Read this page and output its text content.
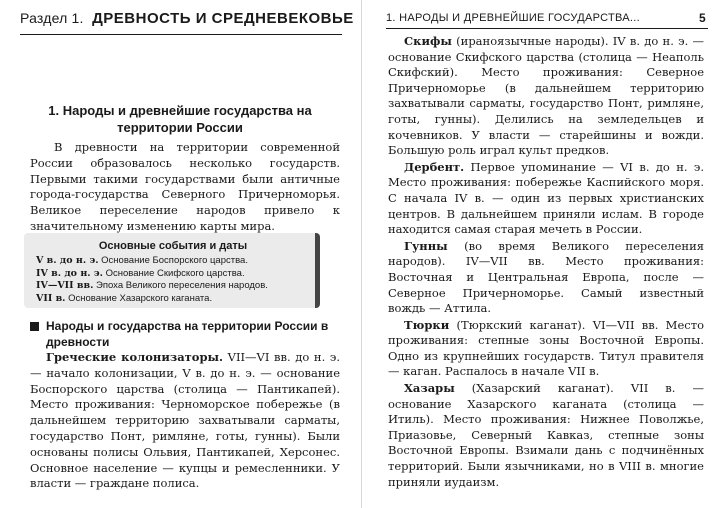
Раздел 1. ДРЕВНОСТЬ И СРЕДНЕВЕКОВЬЕ
1. Народы и древнейшие государства на территории России
В древности на территории современной России образовалось несколько государств. Первыми такими государствами были античные города-государства Северного Причерноморья. Великое переселение народов привело к значительному изменению карты мира.
Основные события и даты
V в. до н. э. Основание Боспорского царства.
IV в. до н. э. Основание Скифского царства.
IV—VII вв. Эпоха Великого переселения народов.
VII в. Основание Хазарского каганата.
Народы и государства на территории России в древности
Греческие колонизаторы. VII—VI вв. до н. э. — начало колонизации, V в. до н. э. — основание Боспорского царства (столица — Пантикапей). Место проживания: Черноморское побережье (в дальнейшем территорию захватывали сарматы, государство Понт, римляне, готы, гунны). Были основаны полисы Ольвия, Пантикапей, Херсонес. Основное население — купцы и ремесленники. У власти — граждане полиса.
1. НАРОДЫ И ДРЕВНЕЙШИЕ ГОСУДАРСТВА...	5

Скифы (ираноязычные народы). IV в. до н. э. — основание Скифского царства (столица — Неаполь Скифский). Место проживания: Северное Причерноморье (в дальнейшем территорию захватывали сарматы, государство Понт, римляне, готы, гунны). Делились на земледельцев и кочевников. У власти — старейшины и вожди. Большую роль играл культ предков.

Дербент. Первое упоминание — VI в. до н. э. Место проживания: побережье Каспийского моря. С начала IV в. — один из первых христианских центров. В дальнейшем приняли ислам. В городе находится самая старая мечеть в России.

Гунны (во время Великого переселения народов). IV—VII вв. Место проживания: Восточная и Центральная Европа, после — Северное Причерноморье. Самый известный вождь — Аттила.

Тюрки (Тюркский каганат). VI—VII вв. Место проживания: степные зоны Восточной Европы. Одно из крупнейших государств. Титул правителя — каган. Распалось в начале VII в.

Хазары (Хазарский каганат). VII в. — основание Хазарского каганата (столица — Итиль). Место проживания: Нижнее Поволжье, Приазовье, Северный Кавказ, степные зоны Восточной Европы. Взимали дань с подчинённых территорий. Были язычниками, но в VIII в. многие приняли иудаизм.
